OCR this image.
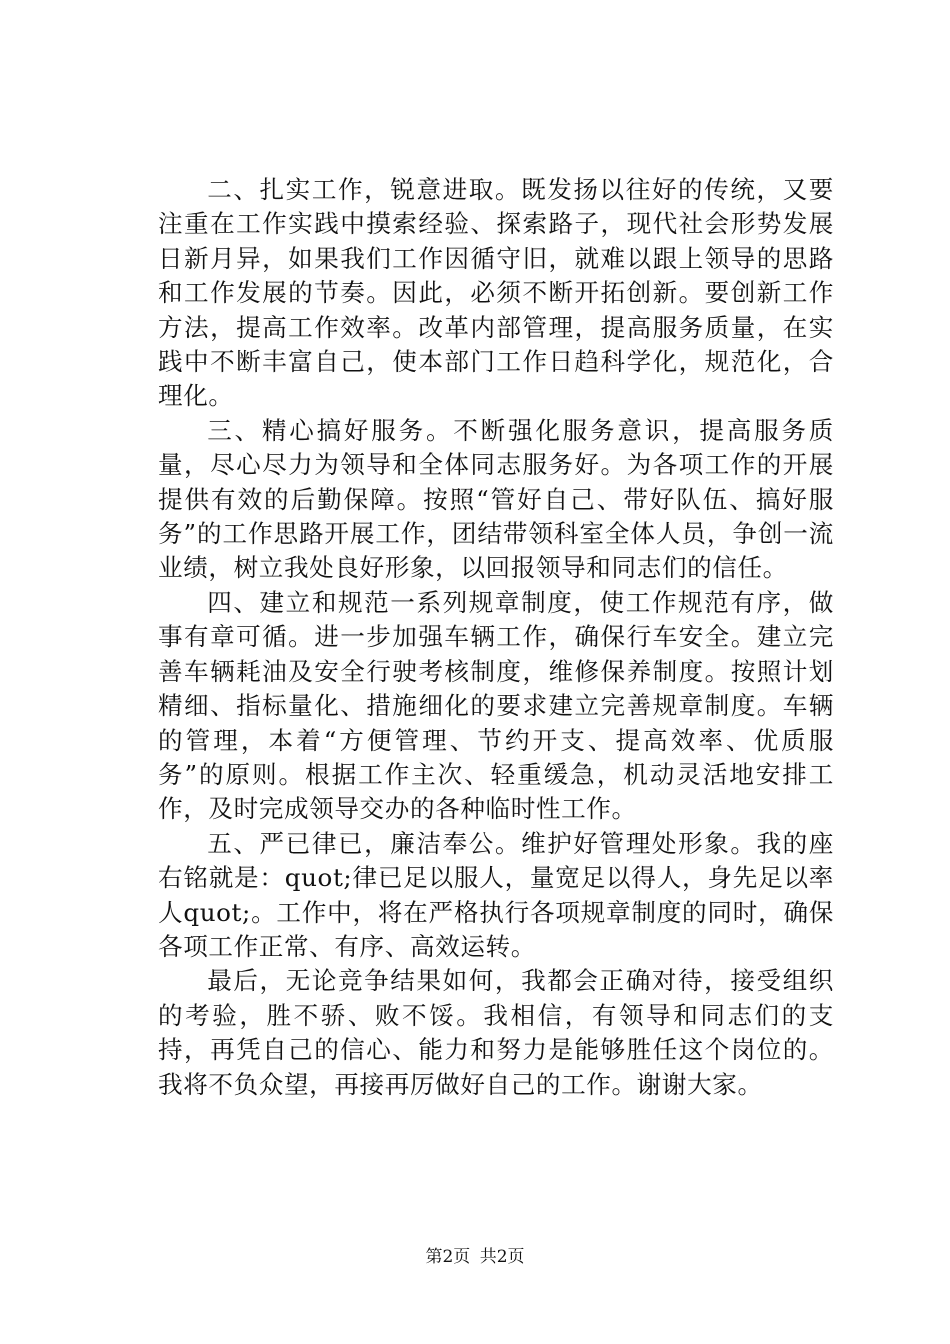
二、扎实工作，锐意进取。既发扬以往好的传统，又要注重在工作实践中摸索经验、探索路子，现代社会形势发展日新月异，如果我们工作因循守旧，就难以跟上领导的思路和工作发展的节奏。因此，必须不断开拓创新。要创新工作方法，提高工作效率。改革内部管理，提高服务质量，在实践中不断丰富自己，使本部门工作日趋科学化，规范化，合理化。

三、精心搞好服务。不断强化服务意识，提高服务质量，尽心尽力为领导和全体同志服务好。为各项工作的开展提供有效的后勤保障。按照“管好自己、带好队伍、搞好服务”的工作思路开展工作，团结带领科室全体人员，争创一流业绩，树立我处良好形象，以回报领导和同志们的信任。

四、建立和规范一系列规章制度，使工作规范有序，做事有章可循。进一步加强车辆工作，确保行车安全。建立完善车辆耗油及安全行驶考核制度，维修保养制度。按照计划精细、指标量化、措施细化的要求建立完善规章制度。车辆的管理，本着“方便管理、节约开支、提高效率、优质服务”的原则。根据工作主次、轻重缓急，机动灵活地安排工作，及时完成领导交办的各种临时性工作。

五、严已律已，廉洁奉公。维护好管理处形象。我的座右铭就是：quot;律已足以服人，量宽足以得人，身先足以率人quot;。工作中，将在严格执行各项规章制度的同时，确保各项工作正常、有序、高效运转。

最后，无论竞争结果如何，我都会正确对待，接受组织的考验，胜不骄、败不馁。我相信，有领导和同志们的支持，再凭自己的信心、能力和努力是能够胜任这个岗位的。我将不负众望，再接再厉做好自己的工作。谢谢大家。

第2页 共2页
